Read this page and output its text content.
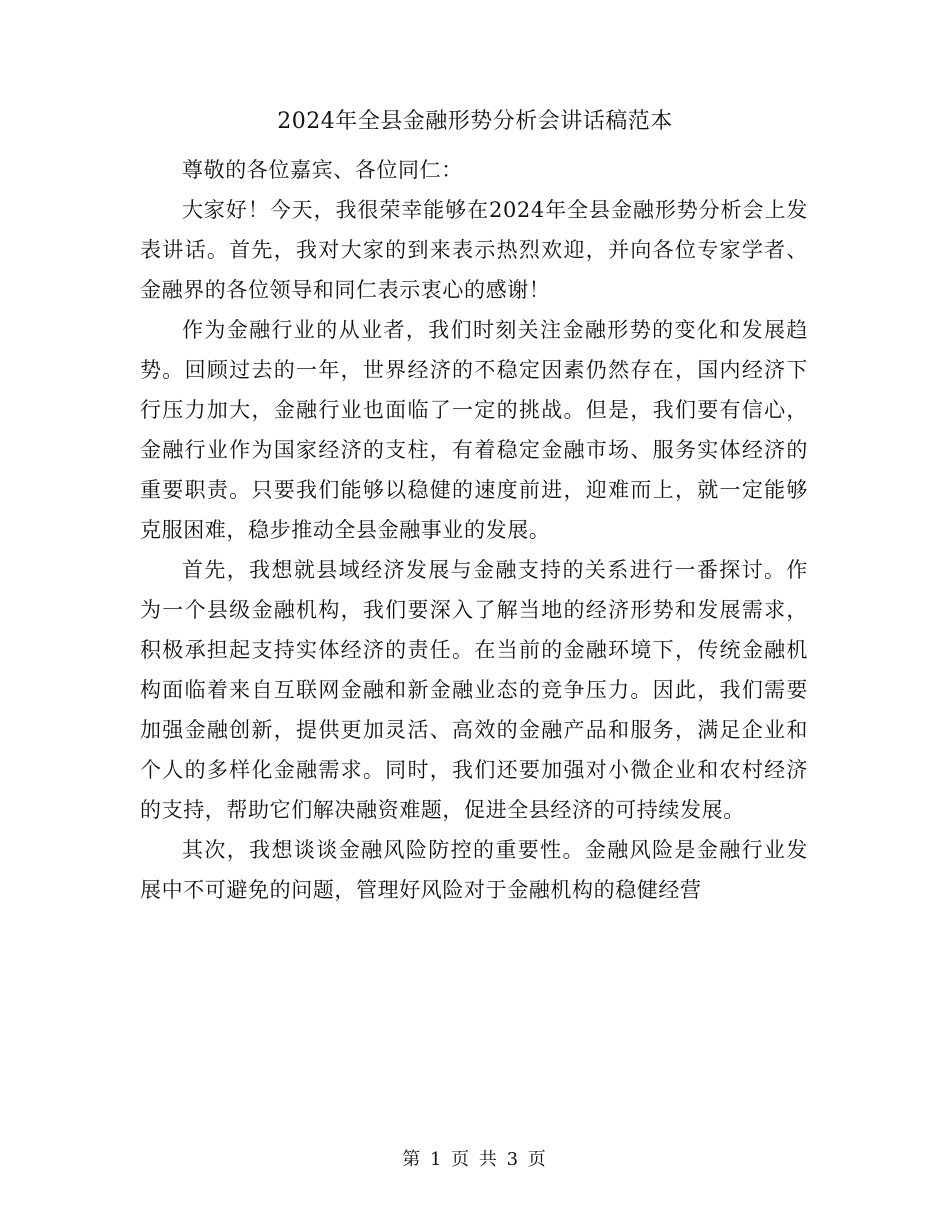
2024年全县金融形势分析会讲话稿范本

尊敬的各位嘉宾、各位同仁：

大家好！今天，我很荣幸能够在2024年全县金融形势分析会上发表讲话。首先，我对大家的到来表示热烈欢迎，并向各位专家学者、金融界的各位领导和同仁表示衷心的感谢！

作为金融行业的从业者，我们时刻关注金融形势的变化和发展趋势。回顾过去的一年，世界经济的不稳定因素仍然存在，国内经济下行压力加大，金融行业也面临了一定的挑战。但是，我们要有信心，金融行业作为国家经济的支柱，有着稳定金融市场、服务实体经济的重要职责。只要我们能够以稳健的速度前进，迎难而上，就一定能够克服困难，稳步推动全县金融事业的发展。

首先，我想就县域经济发展与金融支持的关系进行一番探讨。作为一个县级金融机构，我们要深入了解当地的经济形势和发展需求，积极承担起支持实体经济的责任。在当前的金融环境下，传统金融机构面临着来自互联网金融和新金融业态的竞争压力。因此，我们需要加强金融创新，提供更加灵活、高效的金融产品和服务，满足企业和个人的多样化金融需求。同时，我们还要加强对小微企业和农村经济的支持，帮助它们解决融资难题，促进全县经济的可持续发展。

其次，我想谈谈金融风险防控的重要性。金融风险是金融行业发展中不可避免的问题，管理好风险对于金融机构的稳健经营

第 1 页 共 3 页
